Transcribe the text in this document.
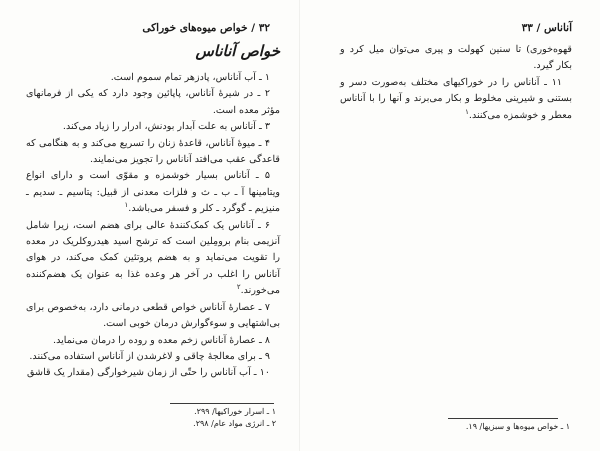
۳۲ / خواص میوه‌های خوراکی
خواص آناناس

۱ ـ آب آناناس، پادزهر تمام سموم است.

۲ ـ در شیرهٔ آناناس، پاپائین وجود دارد که یکی از فرمانهای مؤثر معده است.

۳ ـ آناناس به علت آبدار بودنش، ادرار را زیاد می‌کند.

۴ ـ میوهٔ آناناس، قاعدهٔ زنان را تسریع می‌کند و به هنگامی که قاعدگی عقب می‌افتد آناناس را تجویز می‌نمایند.

۵ ـ آناناس بسیار خوشمزه و مقوّی است و دارای انواع ویتامینها آ ـ ب ـ ث و فلزات معدنی از قبیل: پتاسیم ـ سدیم ـ منیزیم ـ گوگرد ـ کلر و فسفر می‌باشد.$^۱$

۶ ـ آناناس یک کمک‌کنندهٔ عالی برای هضم است، زیرا شامل آنزیمی بنام برومِلین است که ترشح اسید هیدروکلریک در معده را تقویت می‌نماید و به هضم پروتئین کمک می‌کند، در هوای آناناس را اغلب در آخر هر وعده غذا به عنوان یک هضم‌کننده می‌خورند.$^۲$

۷ ـ عصارهٔ آناناس خواص قطعی درمانی دارد، به‌خصوص برای بی‌اشتهایی و سوءگوارش درمان خوبی است.

۸ ـ عصارهٔ آناناس زخم معده و روده را درمان می‌نماید.

۹ ـ برای معالجهٔ چاقی و لاغرشدن از آناناس استفاده می‌کنند.

۱۰ ـ آب آناناس را حتّی از زمان شیرخوارگی (مقدار یک قاشق

۱ ـ اسرار خوراکیها/ ۲۹۹.

۲ ـ انرژی مواد عام/ ۲۹۸.

آناناس / ۳۳

قهوه‌خوری) تا سنین کهولت و پیری می‌توان میل کرد و بکار گیرد.

۱۱ ـ آناناس را در خوراکیهای مختلف به‌صورت دسر و بستنی و شیرینی مخلوط و بکار می‌برند و آنها را با آناناس معطر و خوشمزه می‌کنند.$^۱$

۱ ـ خواص میوه‌ها و سبزیها/ ۱۹.
